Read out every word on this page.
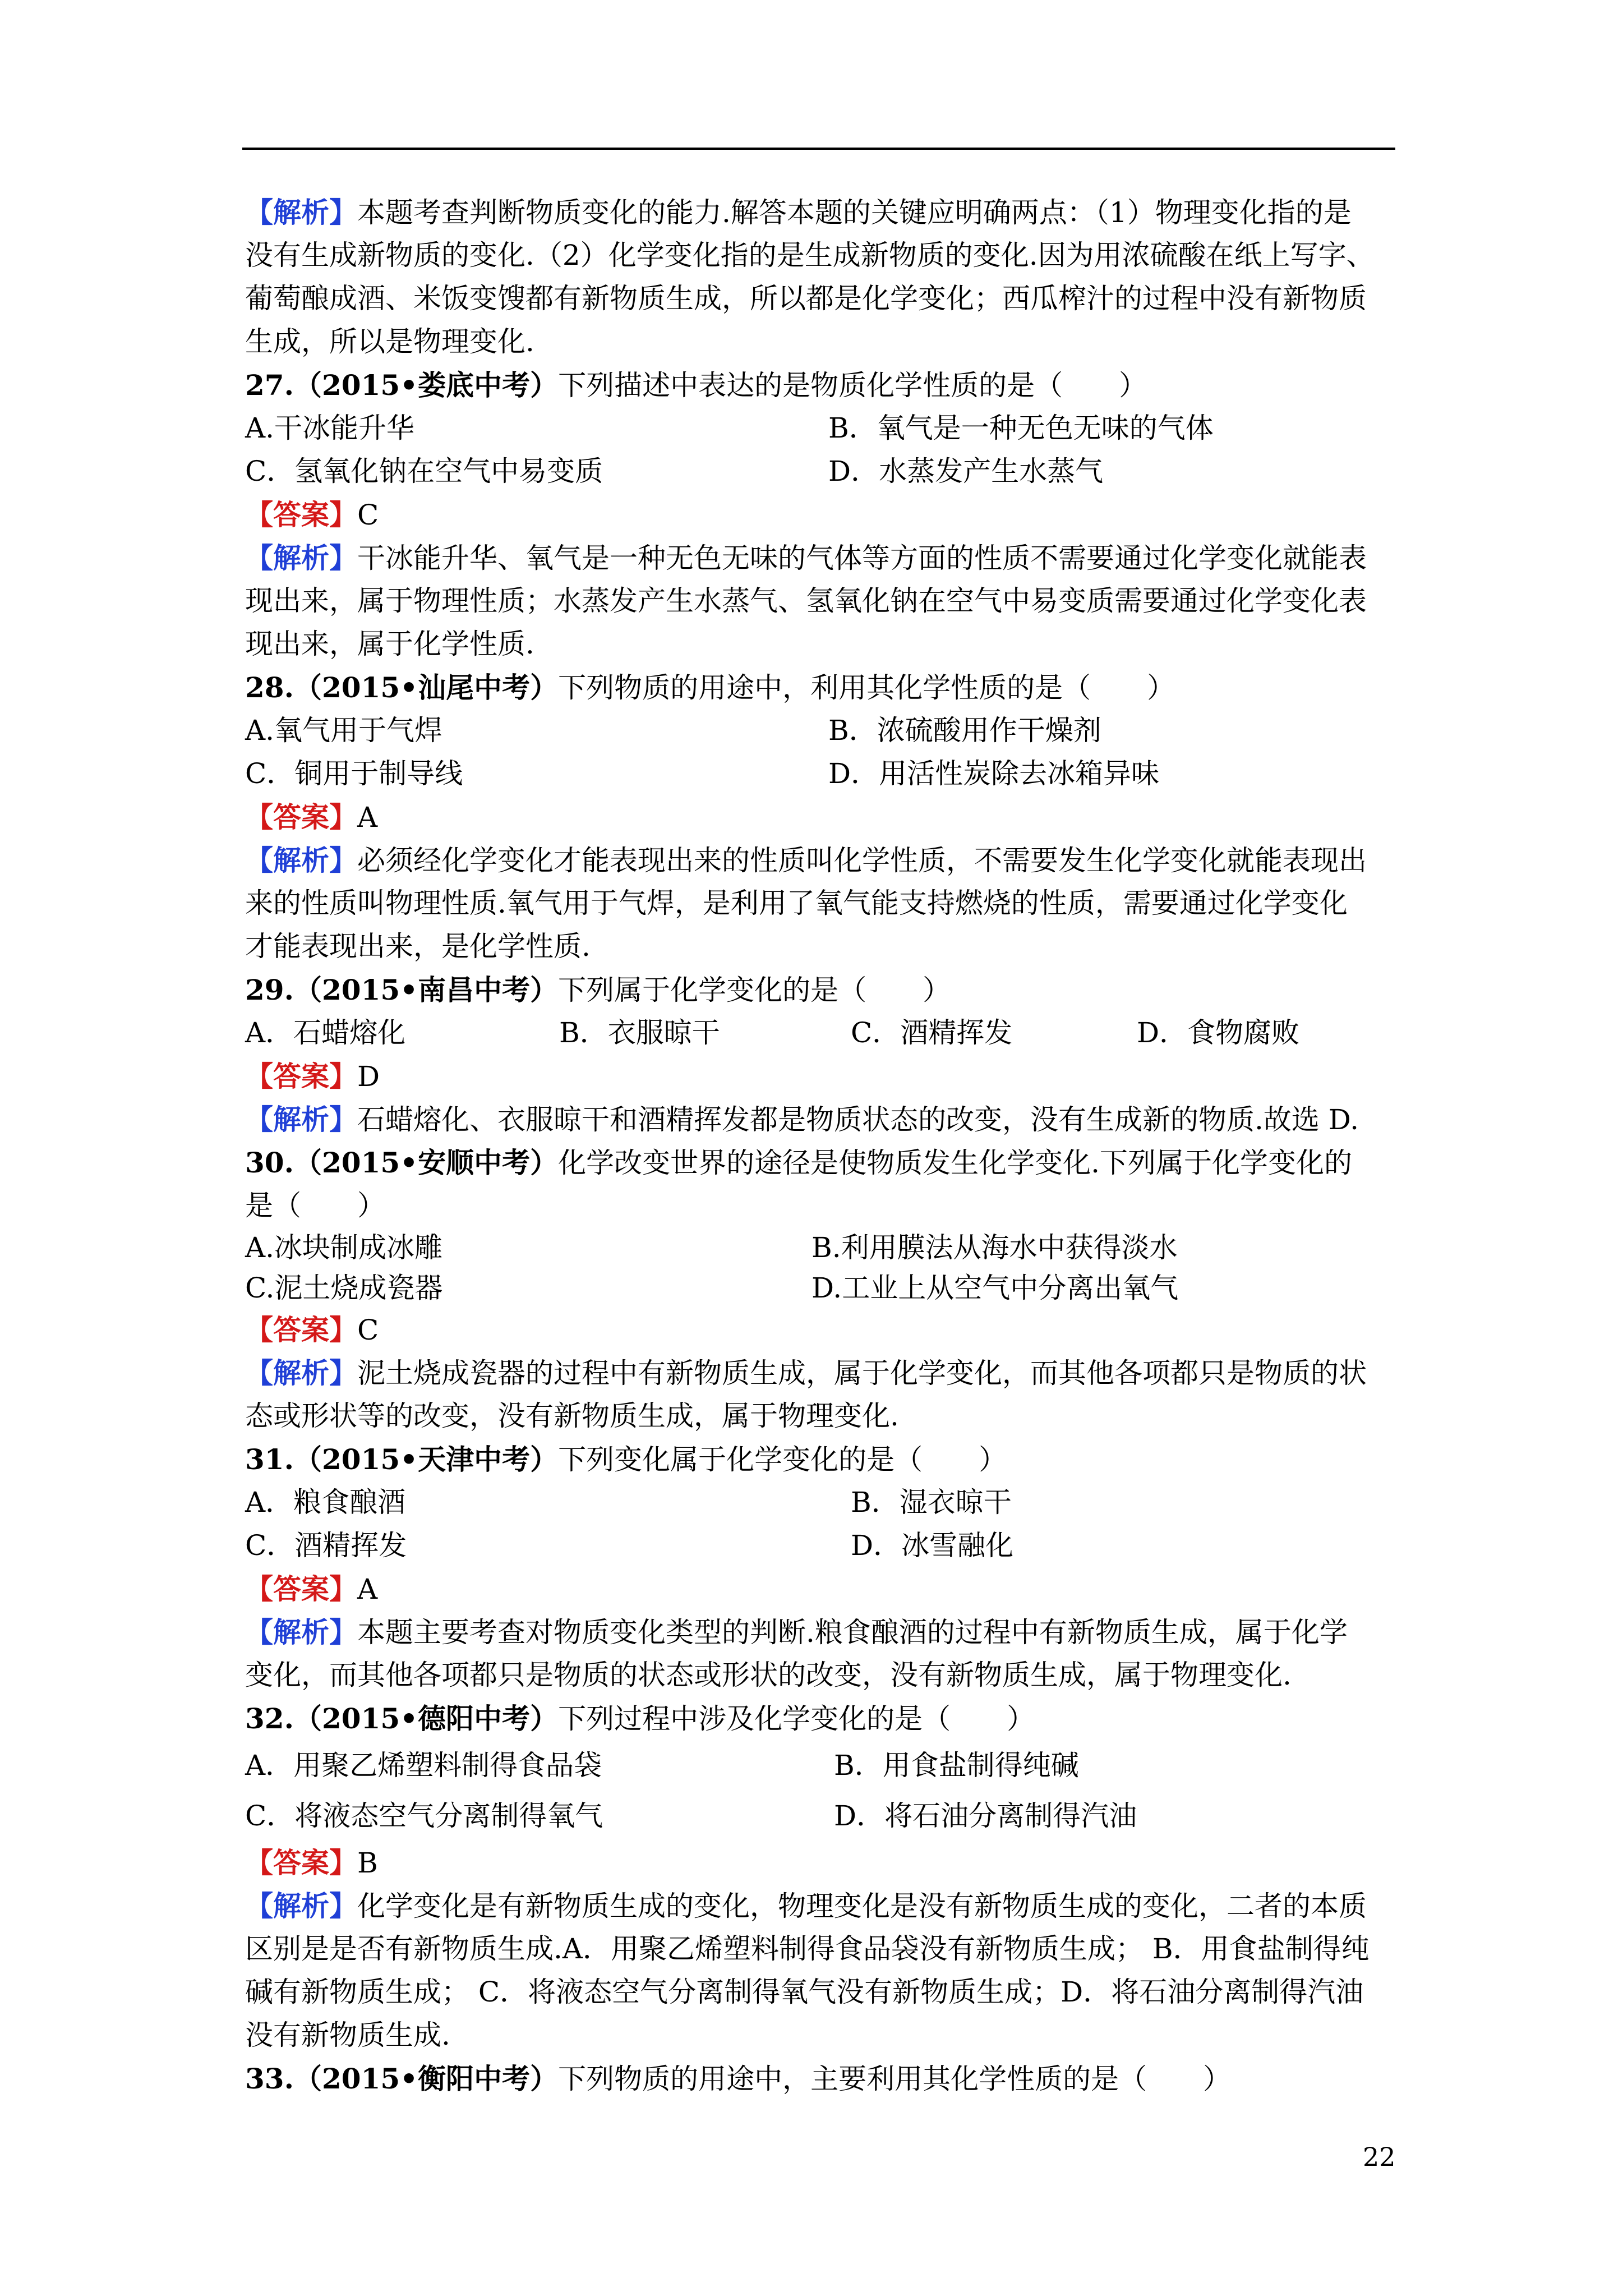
【解析】本题考查判断物质变化的能力.解答本题的关键应明确两点：（1）物理变化指的是
没有生成新物质的变化.（2）化学变化指的是生成新物质的变化.因为用浓硫酸在纸上写字、
葡萄酿成酒、米饭变馊都有新物质生成，所以都是化学变化；西瓜榨汁的过程中没有新物质
生成，所以是物理变化.
27.（2015•娄底中考）下列描述中表达的是物质化学性质的是（　　）
A.干冰能升华	B．氧气是一种无色无味的气体
C．氢氧化钠在空气中易变质	D．水蒸发产生水蒸气
【答案】C
【解析】干冰能升华、氧气是一种无色无味的气体等方面的性质不需要通过化学变化就能表
现出来，属于物理性质；水蒸发产生水蒸气、氢氧化钠在空气中易变质需要通过化学变化表
现出来，属于化学性质.
28.（2015•汕尾中考）下列物质的用途中，利用其化学性质的是（　　）
A.氧气用于气焊	B．浓硫酸用作干燥剂
C．铜用于制导线	D．用活性炭除去冰箱异味
【答案】A
【解析】必须经化学变化才能表现出来的性质叫化学性质，不需要发生化学变化就能表现出
来的性质叫物理性质.氧气用于气焊，是利用了氧气能支持燃烧的性质，需要通过化学变化
才能表现出来，是化学性质.
29.（2015•南昌中考）下列属于化学变化的是（　　）
A．石蜡熔化	B．衣服晾干	C．酒精挥发	D．食物腐败
【答案】D
【解析】石蜡熔化、衣服晾干和酒精挥发都是物质状态的改变，没有生成新的物质.故选 D.
30.（2015•安顺中考）化学改变世界的途径是使物质发生化学变化.下列属于化学变化的
是（　　）
A.冰块制成冰雕	B.利用膜法从海水中获得淡水
C.泥土烧成瓷器	D.工业上从空气中分离出氧气
【答案】C
【解析】泥土烧成瓷器的过程中有新物质生成，属于化学变化，而其他各项都只是物质的状
态或形状等的改变，没有新物质生成，属于物理变化.
31.（2015•天津中考）下列变化属于化学变化的是（　　）
A．粮食酿酒	B．湿衣晾干
C．酒精挥发	D．冰雪融化
【答案】A
【解析】本题主要考查对物质变化类型的判断.粮食酿酒的过程中有新物质生成，属于化学
变化，而其他各项都只是物质的状态或形状的改变，没有新物质生成，属于物理变化.
32.（2015•德阳中考）下列过程中涉及化学变化的是（　　）
A．用聚乙烯塑料制得食品袋	B．用食盐制得纯碱
C．将液态空气分离制得氧气	D．将石油分离制得汽油
【答案】B
【解析】化学变化是有新物质生成的变化，物理变化是没有新物质生成的变化，二者的本质
区别是是否有新物质生成.A．用聚乙烯塑料制得食品袋没有新物质生成； B．用食盐制得纯
碱有新物质生成； C．将液态空气分离制得氧气没有新物质生成；D．将石油分离制得汽油
没有新物质生成.
33.（2015•衡阳中考）下列物质的用途中，主要利用其化学性质的是（　　）
22
